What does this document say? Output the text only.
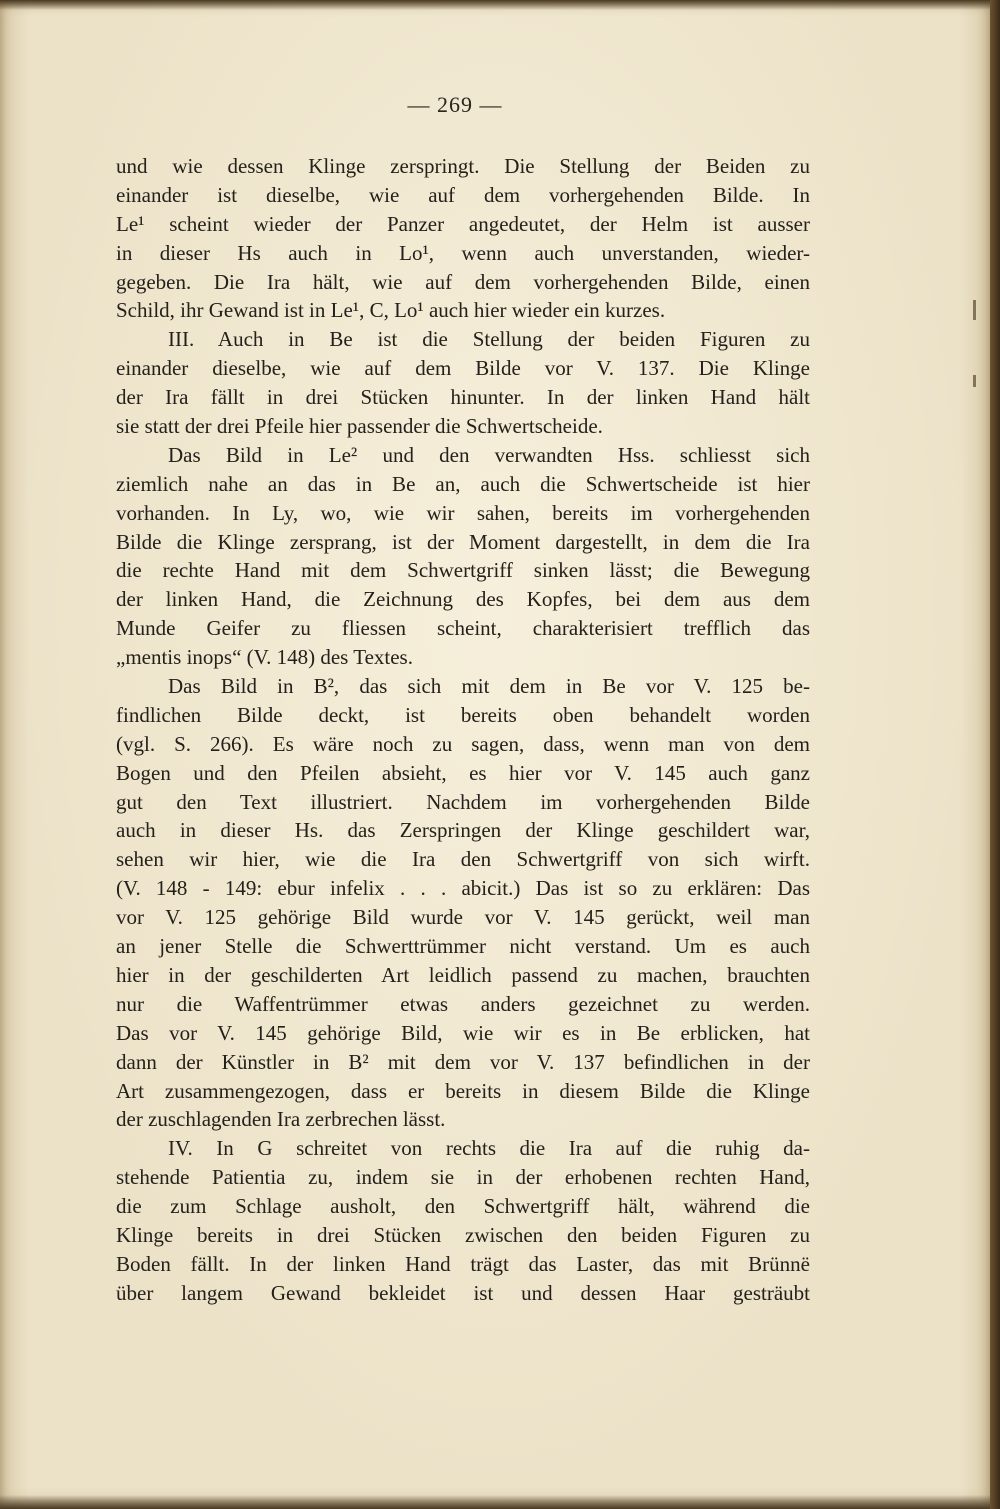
— 269 —
und wie dessen Klinge zerspringt. Die Stellung der Beiden zu
einander ist dieselbe, wie auf dem vorhergehenden Bilde. In
Le¹ scheint wieder der Panzer angedeutet, der Helm ist ausser
in dieser Hs auch in Lo¹, wenn auch unverstanden, wieder-
gegeben. Die Ira hält, wie auf dem vorhergehenden Bilde, einen
Schild, ihr Gewand ist in Le¹, C, Lo¹ auch hier wieder ein kurzes.
III. Auch in Be ist die Stellung der beiden Figuren zu
einander dieselbe, wie auf dem Bilde vor V. 137. Die Klinge
der Ira fällt in drei Stücken hinunter. In der linken Hand hält
sie statt der drei Pfeile hier passender die Schwertscheide.
Das Bild in Le² und den verwandten Hss. schliesst sich
ziemlich nahe an das in Be an, auch die Schwertscheide ist hier
vorhanden. In Ly, wo, wie wir sahen, bereits im vorhergehenden
Bilde die Klinge zersprang, ist der Moment dargestellt, in dem die Ira
die rechte Hand mit dem Schwertgriff sinken lässt; die Bewegung
der linken Hand, die Zeichnung des Kopfes, bei dem aus dem
Munde Geifer zu fliessen scheint, charakterisiert trefflich das
„mentis inops“ (V. 148) des Textes.
Das Bild in B², das sich mit dem in Be vor V. 125 be-
findlichen Bilde deckt, ist bereits oben behandelt worden
(vgl. S. 266). Es wäre noch zu sagen, dass, wenn man von dem
Bogen und den Pfeilen absieht, es hier vor V. 145 auch ganz
gut den Text illustriert. Nachdem im vorhergehenden Bilde
auch in dieser Hs. das Zerspringen der Klinge geschildert war,
sehen wir hier, wie die Ira den Schwertgriff von sich wirft.
(V. 148 - 149: ebur infelix . . . abicit.) Das ist so zu erklären: Das
vor V. 125 gehörige Bild wurde vor V. 145 gerückt, weil man
an jener Stelle die Schwerttrümmer nicht verstand. Um es auch
hier in der geschilderten Art leidlich passend zu machen, brauchten
nur die Waffentrümmer etwas anders gezeichnet zu werden.
Das vor V. 145 gehörige Bild, wie wir es in Be erblicken, hat
dann der Künstler in B² mit dem vor V. 137 befindlichen in der
Art zusammengezogen, dass er bereits in diesem Bilde die Klinge
der zuschlagenden Ira zerbrechen lässt.
IV. In G schreitet von rechts die Ira auf die ruhig da-
stehende Patientia zu, indem sie in der erhobenen rechten Hand,
die zum Schlage ausholt, den Schwertgriff hält, während die
Klinge bereits in drei Stücken zwischen den beiden Figuren zu
Boden fällt. In der linken Hand trägt das Laster, das mit Brünnë
über langem Gewand bekleidet ist und dessen Haar gesträubt
